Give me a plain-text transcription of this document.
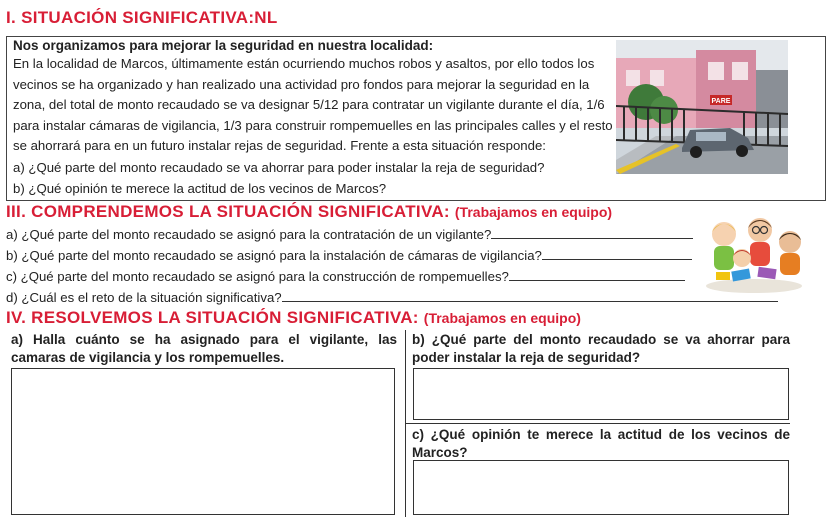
I. SITUACIÓN SIGNIFICATIVA:NL
Nos organizamos para mejorar la seguridad en nuestra localidad:
En la localidad de Marcos, últimamente están ocurriendo muchos robos y asaltos, por ello todos los
vecinos se ha organizado y han realizado una actividad pro fondos para mejorar la seguridad en la
zona, del total de monto recaudado se va designar 5/12 para contratar un vigilante durante el día, 1/6
para instalar cámaras de vigilancia, 1/3 para construir rompemuelles en las principales calles y el resto
se ahorrará para en un futuro instalar rejas de seguridad. Frente a esta situación responde:
a) ¿Qué parte del monto recaudado se va ahorrar para poder instalar la reja de seguridad?
b) ¿Qué opinión te merece la actitud de los vecinos de Marcos?
PARE
III. COMPRENDEMOS LA SITUACIÓN SIGNIFICATIVA: (Trabajamos en equipo)
a) ¿Qué parte del monto recaudado se asignó para la contratación de un vigilante?
b) ¿Qué parte del monto recaudado se asignó para la instalación de cámaras de vigilancia?
c) ¿Qué parte del monto recaudado se asignó para la construcción de rompemuelles?
d) ¿Cuál es el reto de la situación significativa?
IV. RESOLVEMOS LA SITUACIÓN SIGNIFICATIVA: (Trabajamos en equipo)
a) Halla cuánto se ha asignado para el vigilante, las camaras de vigilancia y los rompemuelles.
b) ¿Qué parte del monto recaudado se va ahorrar para poder instalar la reja de seguridad?
c) ¿Qué opinión te merece la actitud de los vecinos de Marcos?
